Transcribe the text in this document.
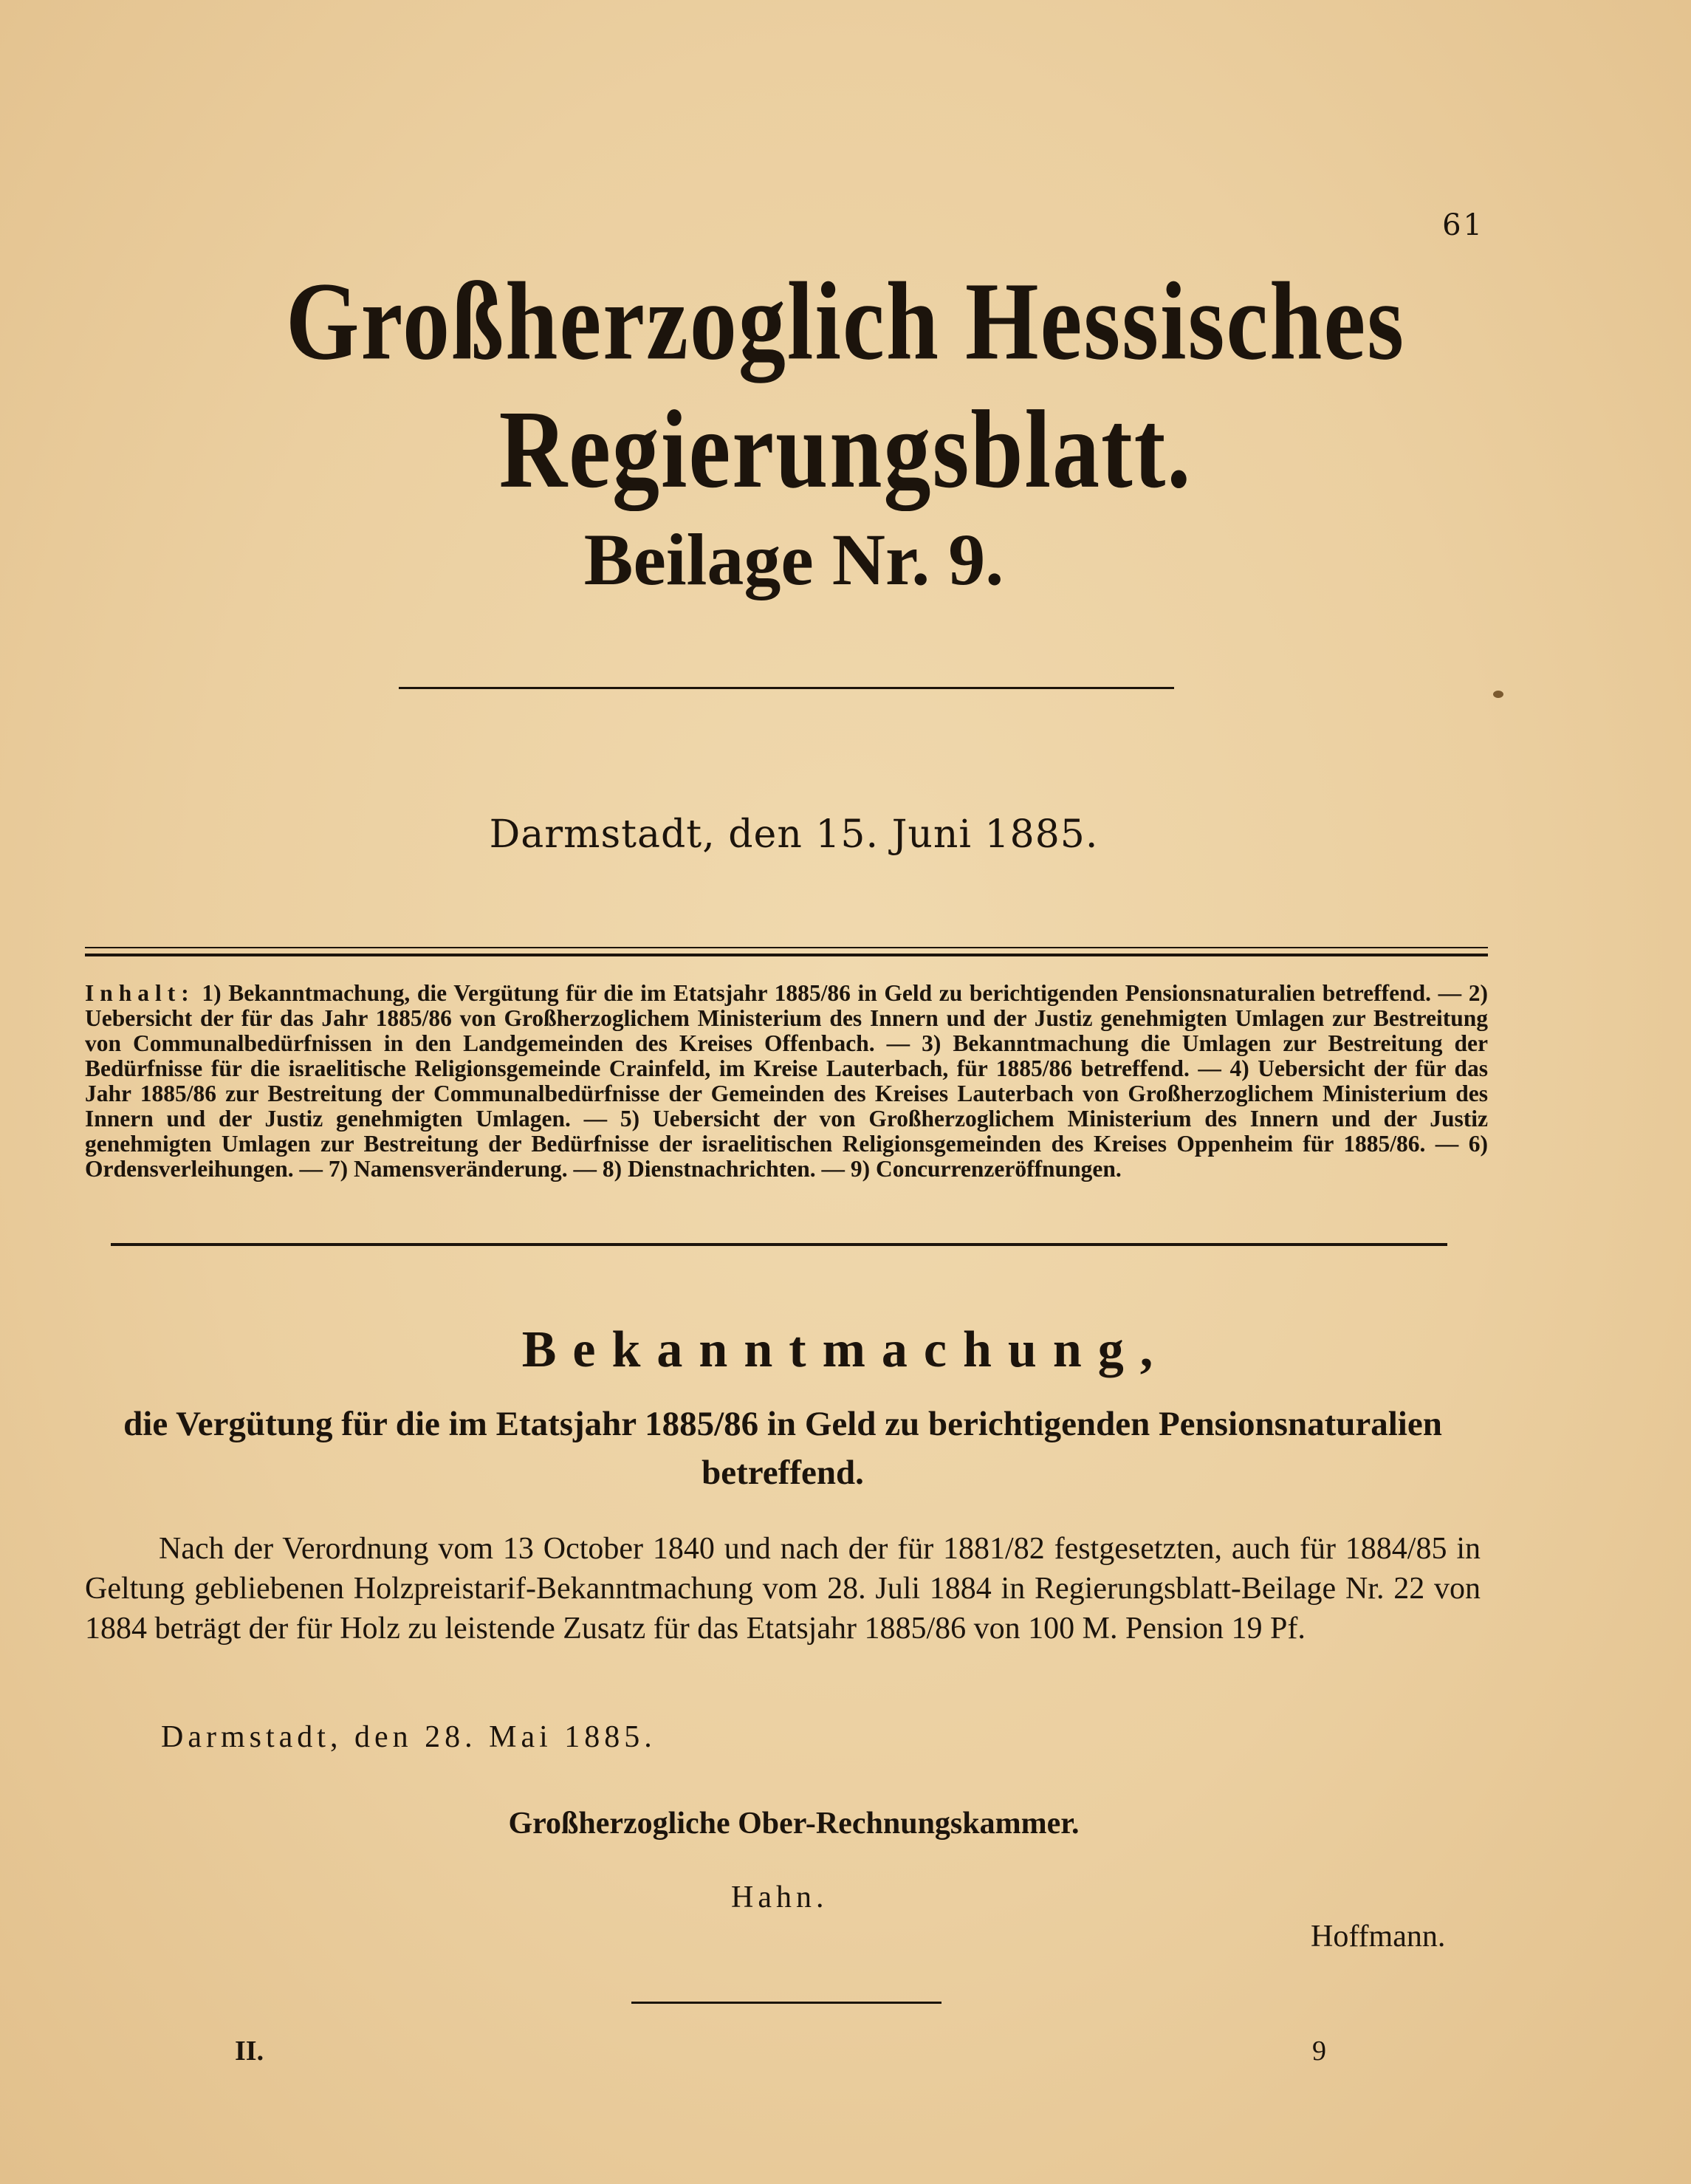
61
Großherzoglich Hessisches Regierungsblatt.
Beilage Nr. 9.
Darmstadt, den 15. Juni 1885.
Inhalt: 1) Bekanntmachung, die Vergütung für die im Etatsjahr 1885/86 in Geld zu berichtigenden Pensionsnaturalien betreffend. — 2) Uebersicht der für das Jahr 1885/86 von Großherzoglichem Ministerium des Innern und der Justiz genehmigten Umlagen zur Bestreitung von Communalbedürfnissen in den Landgemeinden des Kreises Offenbach. — 3) Bekanntmachung die Umlagen zur Bestreitung der Bedürfnisse für die israelitische Religionsgemeinde Crainfeld, im Kreise Lauterbach, für 1885/86 betreffend. — 4) Uebersicht der für das Jahr 1885/86 zur Bestreitung der Communalbedürfnisse der Gemeinden des Kreises Lauterbach von Großherzoglichem Ministerium des Innern und der Justiz genehmigten Umlagen. — 5) Uebersicht der von Großherzoglichem Ministerium des Innern und der Justiz genehmigten Umlagen zur Bestreitung der Bedürfnisse der israelitischen Religionsgemeinden des Kreises Oppenheim für 1885/86. — 6) Ordensverleihungen. — 7) Namensveränderung. — 8) Dienstnachrichten. — 9) Concurrenzeröffnungen.
Bekanntmachung,
die Vergütung für die im Etatsjahr 1885/86 in Geld zu berichtigenden Pensionsnaturalien betreffend.
Nach der Verordnung vom 13 October 1840 und nach der für 1881/82 festgesetzten, auch für 1884/85 in Geltung gebliebenen Holzpreistarif-Bekanntmachung vom 28. Juli 1884 in Regierungsblatt-Beilage Nr. 22 von 1884 beträgt der für Holz zu leistende Zusatz für das Etatsjahr 1885/86 von 100 M. Pension 19 Pf.
Darmstadt, den 28. Mai 1885.
Großherzogliche Ober-Rechnungskammer.
Hahn.
Hoffmann.
II.	9
